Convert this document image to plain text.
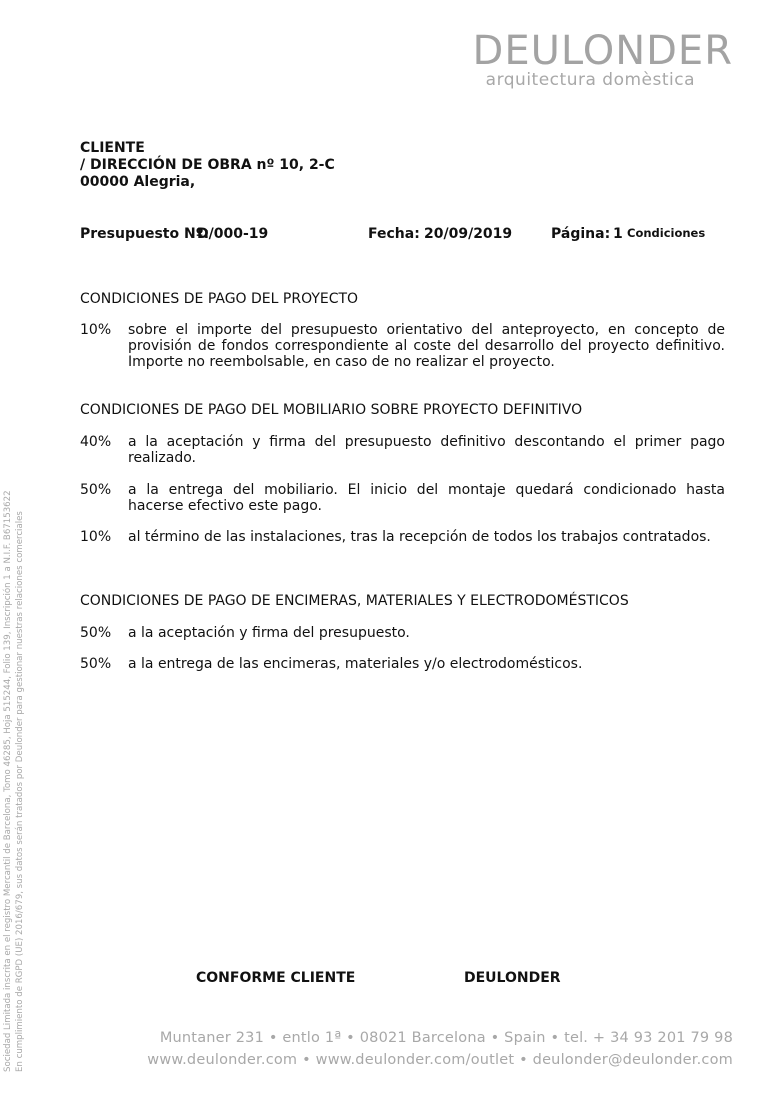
DEULONDER
arquitectura domèstica
CLIENTE
/ DIRECCIÓN DE OBRA nº 10, 2-C
00000 Alegria,
Presupuesto Nº:
D/000-19	Fecha: 20/09/2019	Página: 1 Condiciones
CONDICIONES DE PAGO DEL PROYECTO
10%	sobre el importe del presupuesto orientativo del anteproyecto, en concepto de provisión de fondos correspondiente al coste del desarrollo del proyecto definitivo. Importe no reembolsable, en caso de no realizar el proyecto.
CONDICIONES DE PAGO DEL MOBILIARIO SOBRE PROYECTO DEFINITIVO
40%	a la aceptación y firma del presupuesto definitivo descontando el primer pago realizado.
50%	a la entrega del mobiliario. El inicio del montaje quedará condicionado hasta hacerse efectivo este pago.
10%	al término de las instalaciones, tras la recepción de todos los trabajos contratados.
CONDICIONES DE PAGO DE ENCIMERAS, MATERIALES Y ELECTRODOMÉSTICOS
50%	a la aceptación y firma del presupuesto.
50%	a la entrega de las encimeras, materiales y/o electrodomésticos.
CONFORME CLIENTE	DEULONDER
Muntaner 231 • entlo 1ª • 08021 Barcelona • Spain • tel. + 34 93 201 79 98
www.deulonder.com • www.deulonder.com/outlet • deulonder@deulonder.com
Sociedad Limitada inscrita en el registro Mercantil de Barcelona, Tomo 46285, Hoja 515244, Folio 139, Inscripción 1 a N.I.F. B67153622 En cumplimiento de RGPD (UE) 2016/679, sus datos serán tratados por Deulonder para gestionar nuestras relaciones comerciales
